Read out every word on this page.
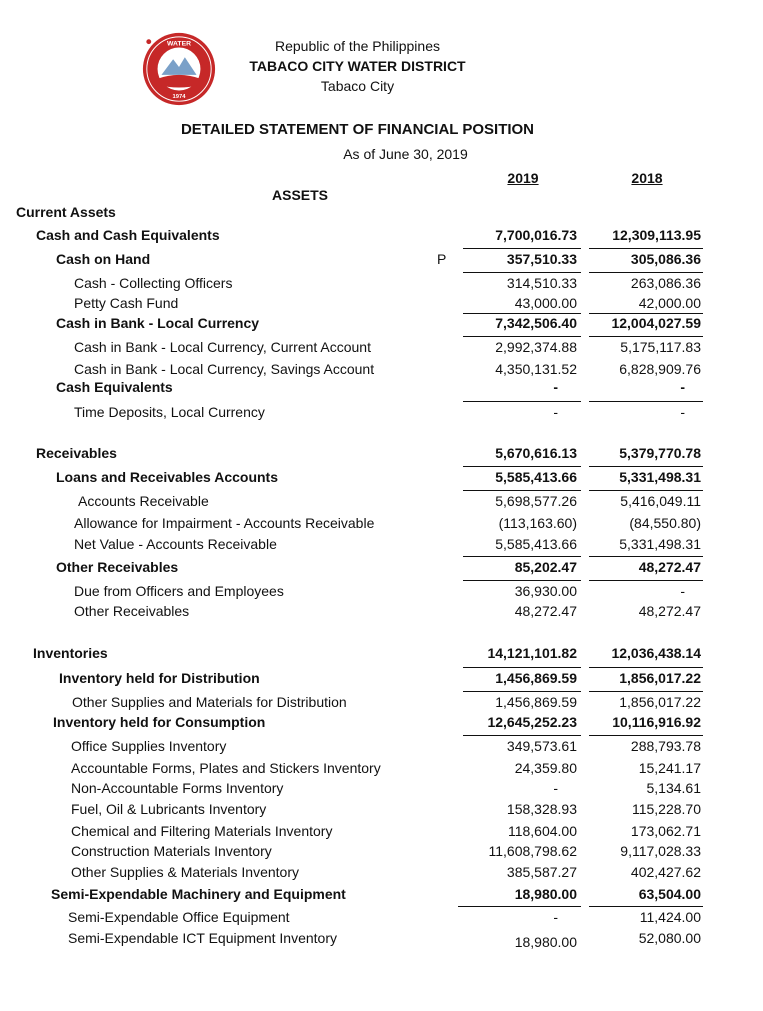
WATER
1974
Republic of the Philippines
TABACO CITY WATER DISTRICT
Tabaco City
DETAILED STATEMENT OF FINANCIAL POSITION
As of June 30, 2019
2019	2018
ASSETS
Current Assets
Cash and Cash Equivalents	7,700,016.73	12,309,113.95
Cash on Hand	P	357,510.33	305,086.36
Cash - Collecting Officers	314,510.33	263,086.36
Petty Cash Fund	43,000.00	42,000.00
Cash in Bank - Local Currency	7,342,506.40 12,004,027.59
Cash in Bank - Local Currency, Current Account	2,992,374.88	5,175,117.83
Cash in Bank - Local Currency, Savings Account	4,350,131.52	6,828,909.76
Cash Equivalents	-	-
Time Deposits, Local Currency	-	-
Receivables	5,670,616.13	5,379,770.78
Loans and Receivables Accounts	5,585,413.66	5,331,498.31
Accounts Receivable	5,698,577.26	5,416,049.11
Allowance for Impairment - Accounts Receivable	(113,163.60)	(84,550.80)
Net Value - Accounts Receivable	5,585,413.66	5,331,498.31
Other Receivables	85,202.47	48,272.47
Due from Officers and Employees	36,930.00	-
Other Receivables	48,272.47	48,272.47
Inventories	14,121,101.82 12,036,438.14
Inventory held for Distribution	1,456,869.59	1,856,017.22
Other Supplies and Materials for Distribution	1,456,869.59	1,856,017.22
Inventory held for Consumption	12,645,252.23	10,116,916.92
Office Supplies Inventory	349,573.61	288,793.78
Accountable Forms, Plates and Stickers Inventory	24,359.80	15,241.17
Non-Accountable Forms Inventory	-	5,134.61
Fuel, Oil & Lubricants Inventory	158,328.93	115,228.70
Chemical and Filtering Materials Inventory	118,604.00	173,062.71
Construction Materials Inventory	11,608,798.62	9,117,028.33
Other Supplies & Materials Inventory	385,587.27	402,427.62
Semi-Expendable Machinery and Equipment	18,980.00	63,504.00
Semi-Expendable Office Equipment	-	11,424.00
Semi-Expendable ICT Equipment Inventory	18,980.00	52,080.00
